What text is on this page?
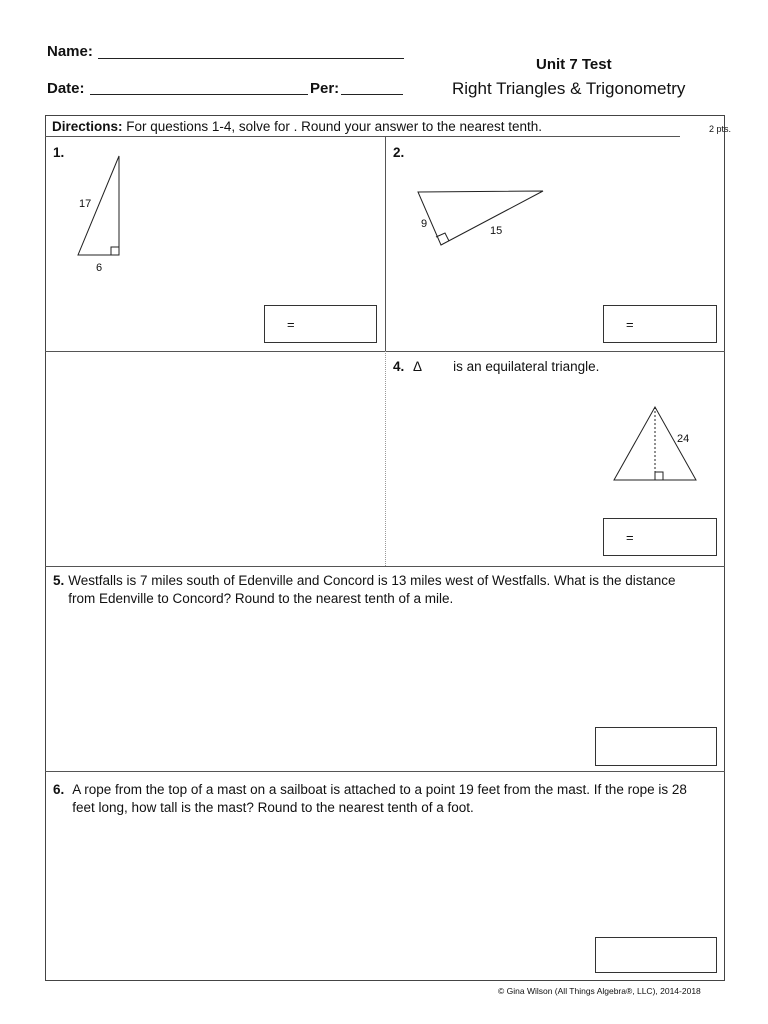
Name:
Date:	Per:
Unit 7 Test
Right Triangles & Trigonometry
Directions: For questions 1-4, solve for . Round your answer to the nearest tenth.	2 pts.
1.
17
6
=
2.
9
15
=
4. Δ is an equilateral triangle.
24
=
5. Westfalls is 7 miles south of Edenville and Concord is 13 miles west of Westfalls. What is the distance from Edenville to Concord? Round to the nearest tenth of a mile.
6. A rope from the top of a mast on a sailboat is attached to a point 19 feet from the mast. If the rope is 28 feet long, how tall is the mast? Round to the nearest tenth of a foot.
© Gina Wilson (All Things Algebra®, LLC), 2014-2018
